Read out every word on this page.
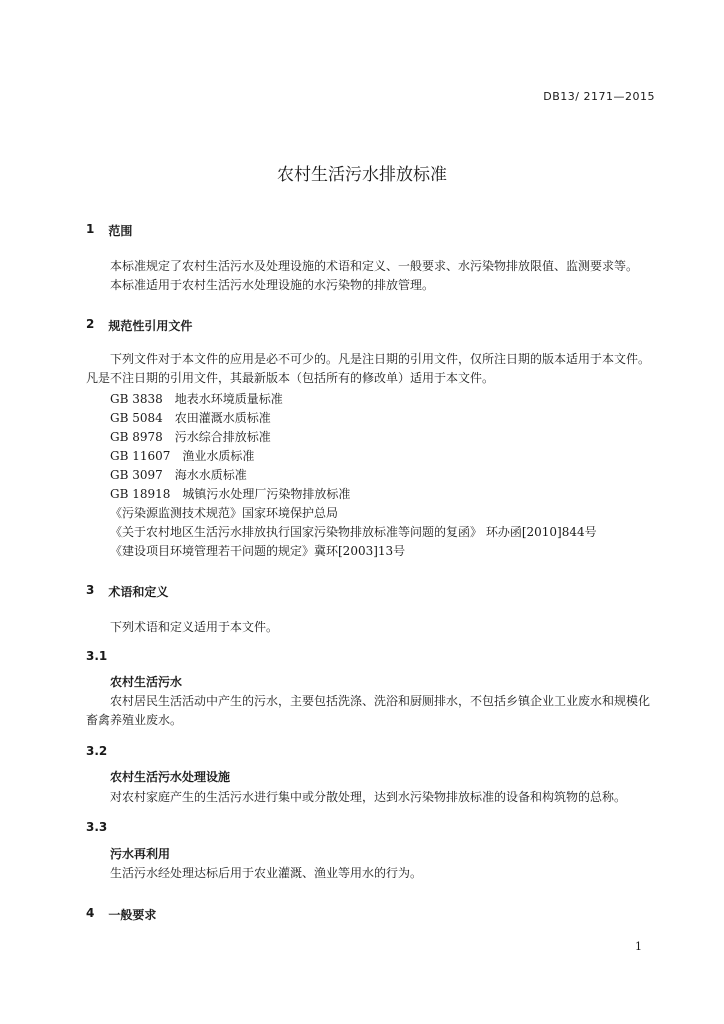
DB13/ 2171—2015
农村生活污水排放标准
1 范围
本标准规定了农村生活污水及处理设施的术语和定义、一般要求、水污染物排放限值、监测要求等。
本标准适用于农村生活污水处理设施的水污染物的排放管理。
2 规范性引用文件
下列文件对于本文件的应用是必不可少的。凡是注日期的引用文件，仅所注日期的版本适用于本文件。凡是不注日期的引用文件，其最新版本（包括所有的修改单）适用于本文件。
GB 3838　地表水环境质量标准
GB 5084　农田灌溉水质标准
GB 8978　污水综合排放标准
GB 11607　渔业水质标准
GB 3097　海水水质标准
GB 18918　城镇污水处理厂污染物排放标准
《污染源监测技术规范》国家环境保护总局
《关于农村地区生活污水排放执行国家污染物排放标准等问题的复函》 环办函[2010]844号
《建设项目环境管理若干问题的规定》冀环[2003]13号
3 术语和定义
下列术语和定义适用于本文件。
3.1
农村生活污水
农村居民生活活动中产生的污水，主要包括洗涤、洗浴和厨厕排水，不包括乡镇企业工业废水和规模化畜禽养殖业废水。
3.2
农村生活污水处理设施
对农村家庭产生的生活污水进行集中或分散处理，达到水污染物排放标准的设备和构筑物的总称。
3.3
污水再利用
生活污水经处理达标后用于农业灌溉、渔业等用水的行为。
4 一般要求
1
